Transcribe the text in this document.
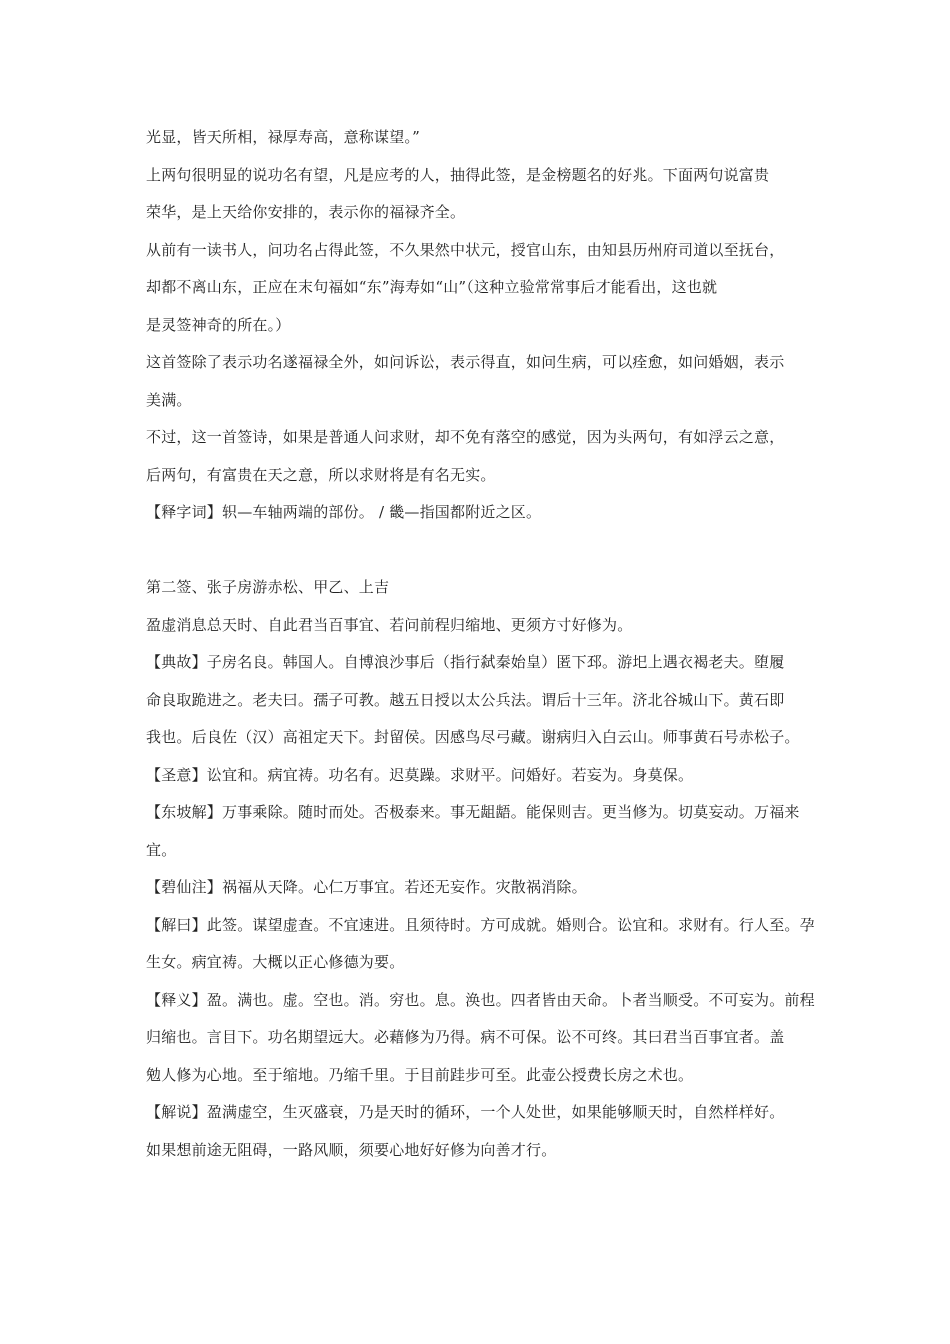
光显，皆天所相，禄厚寿高，意称谋望。”
上两句很明显的说功名有望，凡是应考的人，抽得此签，是金榜题名的好兆。下面两句说富贵
荣华，是上天给你安排的，表示你的福禄齐全。
从前有一读书人，问功名占得此签，不久果然中状元，授官山东，由知县历州府司道以至抚台，
却都不离山东，正应在末句福如“东”海寿如“山”（这种立验常常事后才能看出，这也就
是灵签神奇的所在。）
这首签除了表示功名遂福禄全外，如问诉讼，表示得直，如问生病，可以痊愈，如问婚姻，表示
美满。
不过，这一首签诗，如果是普通人问求财，却不免有落空的感觉，因为头两句，有如浮云之意，
后两句，有富贵在天之意，所以求财将是有名无实。
【释字词】轵—车轴两端的部份。 / 畿—指国都附近之区。
第二签、张子房游赤松、甲乙、上吉
盈虚消息总天时、自此君当百事宜、若问前程归缩地、更须方寸好修为。
【典故】子房名良。韩国人。自博浪沙事后（指行弑秦始皇）匿下邳。游圯上遇衣褐老夫。堕履
命良取跪进之。老夫曰。孺子可教。越五日授以太公兵法。谓后十三年。济北谷城山下。黄石即
我也。后良佐（汉）高祖定天下。封留侯。因感鸟尽弓藏。谢病归入白云山。师事黄石号赤松子。
【圣意】讼宜和。病宜祷。功名有。迟莫躁。求财平。问婚好。若妄为。身莫保。
【东坡解】万事乘除。随时而处。否极泰来。事无龃龉。能保则吉。更当修为。切莫妄动。万福来
宜。
【碧仙注】祸福从天降。心仁万事宜。若还无妄作。灾散祸消除。
【解曰】此签。谋望虚查。不宜速进。且须待时。方可成就。婚则合。讼宜和。求财有。行人至。孕
生女。病宜祷。大概以正心修德为要。
【释义】盈。满也。虚。空也。消。穷也。息。涣也。四者皆由天命。卜者当顺受。不可妄为。前程
归缩也。言目下。功名期望远大。必藉修为乃得。病不可保。讼不可终。其曰君当百事宜者。盖
勉人修为心地。至于缩地。乃缩千里。于目前跬步可至。此壶公授费长房之术也。
【解说】盈满虚空，生灭盛衰，乃是天时的循环，一个人处世，如果能够顺天时，自然样样好。
如果想前途无阻碍，一路风顺，须要心地好好修为向善才行。
